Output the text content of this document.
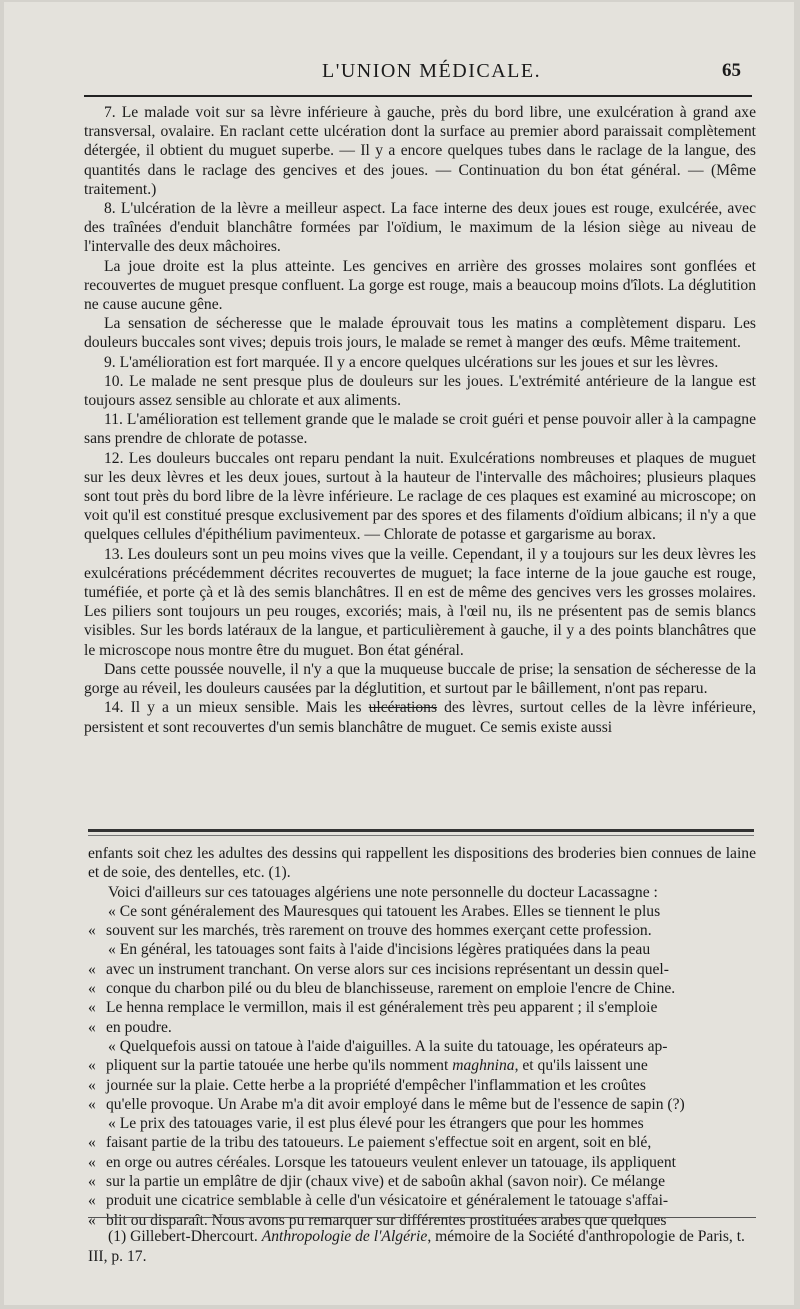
L'UNION MÉDICALE.	65

7. Le malade voit sur sa lèvre inférieure à gauche, près du bord libre, une exulcération à grand axe transversal, ovalaire. En raclant cette ulcération dont la surface au premier abord paraissait complètement détergée, il obtient du muguet superbe. — Il y a encore quelques tubes dans le raclage de la langue, des quantités dans le raclage des gencives et des joues. — Continuation du bon état général. — (Même traitement.)

8. L'ulcération de la lèvre a meilleur aspect. La face interne des deux joues est rouge, exulcérée, avec des traînées d'enduit blanchâtre formées par l'oïdium, le maximum de la lésion siège au niveau de l'intervalle des deux mâchoires.

La joue droite est la plus atteinte. Les gencives en arrière des grosses molaires sont gonflées et recouvertes de muguet presque confluent. La gorge est rouge, mais a beaucoup moins d'îlots. La déglutition ne cause aucune gêne.

La sensation de sécheresse que le malade éprouvait tous les matins a complètement disparu. Les douleurs buccales sont vives; depuis trois jours, le malade se remet à manger des œufs. Même traitement.

9. L'amélioration est fort marquée. Il y a encore quelques ulcérations sur les joues et sur les lèvres.

10. Le malade ne sent presque plus de douleurs sur les joues. L'extrémité antérieure de la langue est toujours assez sensible au chlorate et aux aliments.

11. L'amélioration est tellement grande que le malade se croit guéri et pense pouvoir aller à la campagne sans prendre de chlorate de potasse.

12. Les douleurs buccales ont reparu pendant la nuit. Exulcérations nombreuses et plaques de muguet sur les deux lèvres et les deux joues, surtout à la hauteur de l'intervalle des mâchoires; plusieurs plaques sont tout près du bord libre de la lèvre inférieure. Le raclage de ces plaques est examiné au microscope; on voit qu'il est constitué presque exclusivement par des spores et des filaments d'oïdium albicans; il n'y a que quelques cellules d'épithélium pavimenteux. — Chlorate de potasse et gargarisme au borax.

13. Les douleurs sont un peu moins vives que la veille. Cependant, il y a toujours sur les deux lèvres les exulcérations précédemment décrites recouvertes de muguet; la face interne de la joue gauche est rouge, tuméfiée, et porte çà et là des semis blanchâtres. Il en est de même des gencives vers les grosses molaires. Les piliers sont toujours un peu rouges, excoriés; mais, à l'œil nu, ils ne présentent pas de semis blancs visibles. Sur les bords latéraux de la langue, et particulièrement à gauche, il y a des points blanchâtres que le microscope nous montre être du muguet. Bon état général.

Dans cette poussée nouvelle, il n'y a que la muqueuse buccale de prise; la sensation de sécheresse de la gorge au réveil, les douleurs causées par la déglutition, et surtout par le bâillement, n'ont pas reparu.

14. Il y a un mieux sensible. Mais les ulcérations des lèvres, surtout celles de la lèvre inférieure, persistent et sont recouvertes d'un semis blanchâtre de muguet. Ce semis existe aussi

enfants soit chez les adultes des dessins qui rappellent les dispositions des broderies bien connues de laine et de soie, des dentelles, etc. (1).

Voici d'ailleurs sur ces tatouages algériens une note personnelle du docteur Lacassagne :

« Ce sont généralement des Mauresques qui tatouent les Arabes. Elles se tiennent le plus

« souvent sur les marchés, très rarement on trouve des hommes exerçant cette profession.

« En général, les tatouages sont faits à l'aide d'incisions légères pratiquées dans la peau

« avec un instrument tranchant. On verse alors sur ces incisions représentant un dessin quel-

« conque du charbon pilé ou du bleu de blanchisseuse, rarement on emploie l'encre de Chine.

« Le henna remplace le vermillon, mais il est généralement très peu apparent ; il s'emploie

« en poudre.

« Quelquefois aussi on tatoue à l'aide d'aiguilles. A la suite du tatouage, les opérateurs ap-

« pliquent sur la partie tatouée une herbe qu'ils nomment maghnina, et qu'ils laissent une

« journée sur la plaie. Cette herbe a la propriété d'empêcher l'inflammation et les croûtes

« qu'elle provoque. Un Arabe m'a dit avoir employé dans le même but de l'essence de sapin (?)

« Le prix des tatouages varie, il est plus élevé pour les étrangers que pour les hommes

« faisant partie de la tribu des tatoueurs. Le paiement s'effectue soit en argent, soit en blé,

« en orge ou autres céréales. Lorsque les tatoueurs veulent enlever un tatouage, ils appliquent

« sur la partie un emplâtre de djir (chaux vive) et de saboûn akhal (savon noir). Ce mélange

« produit une cicatrice semblable à celle d'un vésicatoire et généralement le tatouage s'affai-

« blit ou disparaît. Nous avons pu remarquer sur différentes prostituées arabes que quelques

(1) Gillebert-Dhercourt. Anthropologie de l'Algérie, mémoire de la Société d'anthropologie de Paris, t. III, p. 17.
